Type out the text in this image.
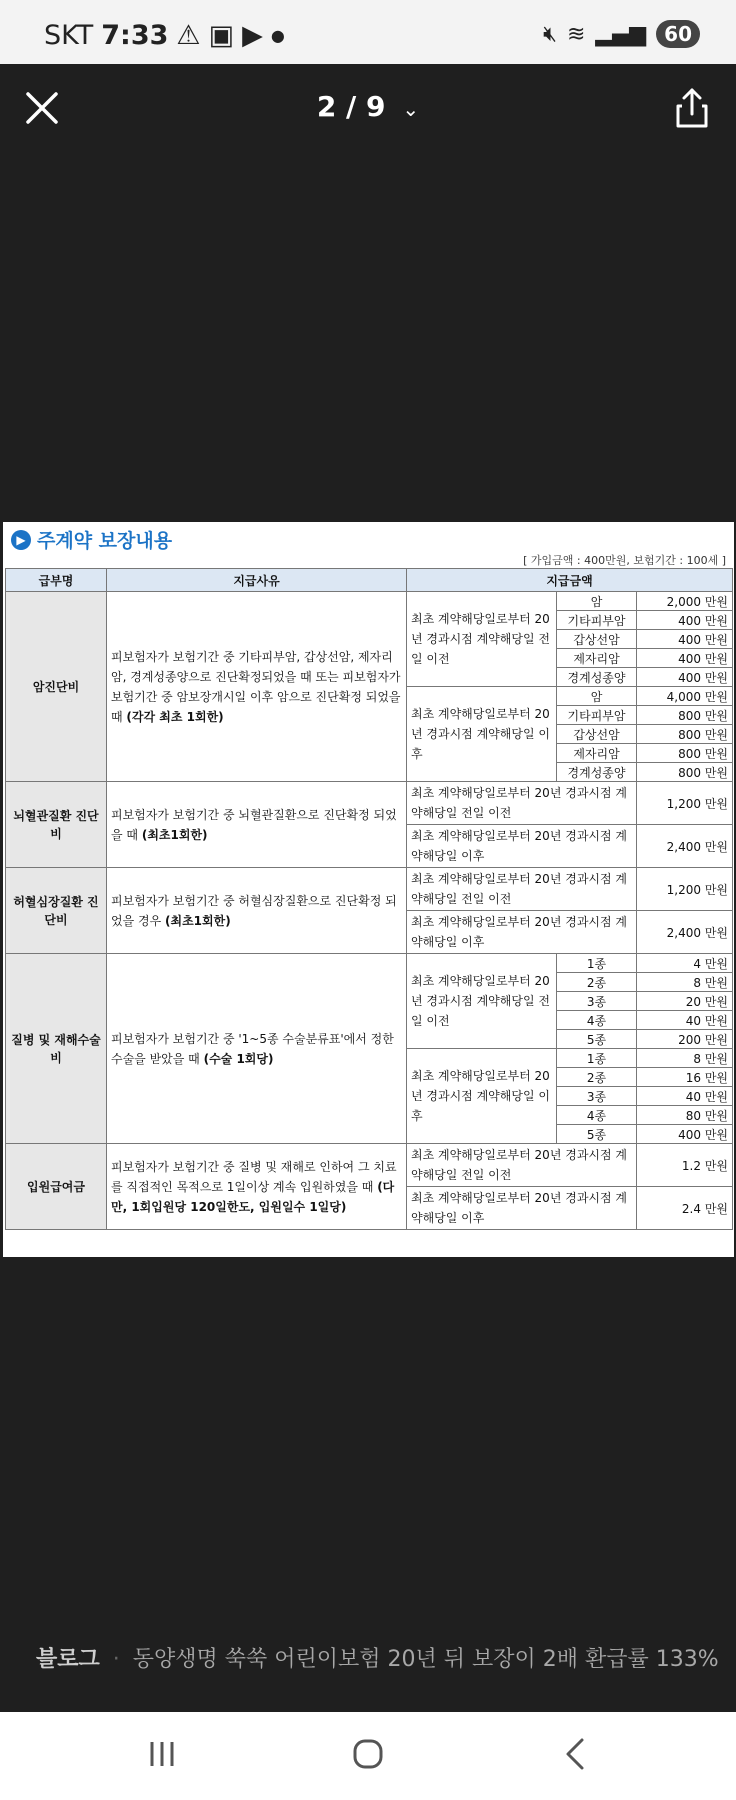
SKT 7:33 ⚠ ▣ ▶ ●	🔇︎ ≋ ▂▄▆ 60
2 / 9 ⌄
▶ 주계약 보장내용
[ 가입금액 : 400만원, 보험기간 : 100세 ]
급부명	지급사유	지급금액		
암진단비	피보험자가 보험기간 중 기타피부암, 갑상선암, 제자리암, 경계성종양으로 진단확정되었을 때 또는 피보험자가 보험기간 중 암보장개시일 이후 암으로 진단확정 되었을 때 (각각 최초 1회한)	최초 계약해당일로부터 20년 경과시점 계약해당일 전일 이전	암	2,000 만원
			기타피부암	400 만원
			갑상선암	400 만원
			제자리암	400 만원
			경계성종양	400 만원
		최초 계약해당일로부터 20년 경과시점 계약해당일 이후	암	4,000 만원
			기타피부암	800 만원
			갑상선암	800 만원
			제자리암	800 만원
			경계성종양	800 만원
뇌혈관질환 진단비	피보험자가 보험기간 중 뇌혈관질환으로 진단확정 되었을 때 (최초1회한)	최초 계약해당일로부터 20년 경과시점 계약해당일 전일 이전		1,200 만원
		최초 계약해당일로부터 20년 경과시점 계약해당일 이후		2,400 만원
허혈심장질환 진단비	피보험자가 보험기간 중 허혈심장질환으로 진단확정 되었을 경우 (최초1회한)	최초 계약해당일로부터 20년 경과시점 계약해당일 전일 이전		1,200 만원
		최초 계약해당일로부터 20년 경과시점 계약해당일 이후		2,400 만원
질병 및 재해수술비	피보험자가 보험기간 중 '1~5종 수술분류표'에서 정한 수술을 받았을 때 (수술 1회당)	최초 계약해당일로부터 20년 경과시점 계약해당일 전일 이전	1종	4 만원
			2종	8 만원
			3종	20 만원
			4종	40 만원
			5종	200 만원
		최초 계약해당일로부터 20년 경과시점 계약해당일 이후	1종	8 만원
			2종	16 만원
			3종	40 만원
			4종	80 만원
			5종	400 만원
입원급여금	피보험자가 보험기간 중 질병 및 재해로 인하여 그 치료를 직접적인 목적으로 1일이상 계속 입원하였을 때 (다만, 1회입원당 120일한도, 입원일수 1일당)	최초 계약해당일로부터 20년 경과시점 계약해당일 전일 이전		1.2 만원
		최초 계약해당일로부터 20년 경과시점 계약해당일 이후		2.4 만원
블로그 · 동양생명 쑥쑥 어린이보험 20년 뒤 보장이 2배 환급률 133%
